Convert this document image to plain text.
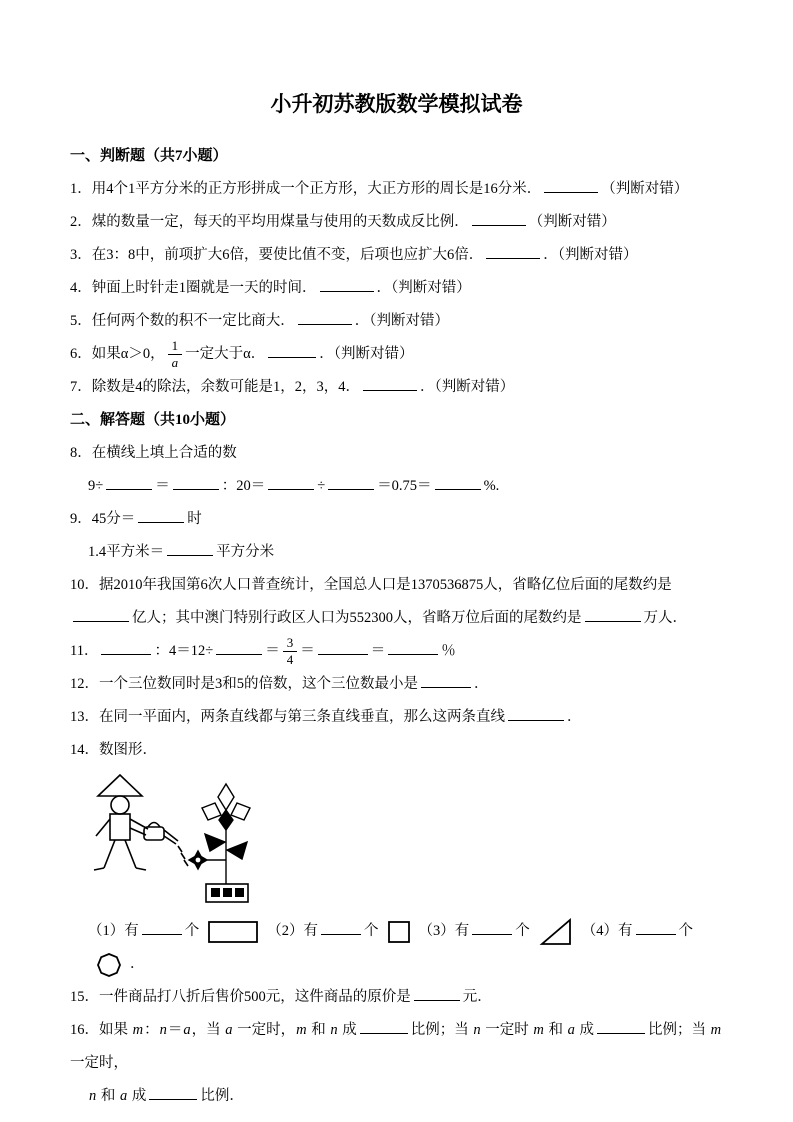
小升初苏教版数学模拟试卷
一、判断题（共7小题）
1．用4个1平方分米的正方形拼成一个正方形，大正方形的周长是16分米．	（判断对错）
2．煤的数量一定，每天的平均用煤量与使用的天数成反比例．	（判断对错）
3．在3：8中，前项扩大6倍，要使比值不变，后项也应扩大6倍．	．（判断对错）
4．钟面上时针走1圈就是一天的时间．	．（判断对错）
5．任何两个数的积不一定比商大．	．（判断对错）
6．如果α＞0， $\frac{1}{a}$ 一定大于α．	．（判断对错）
7．除数是4的除法，余数可能是1，2，3，4．	．（判断对错）
二、解答题（共10小题）
8．在横线上填上合适的数
9÷	＝	：20＝	÷	＝0.75＝	%.
9．45分＝	时
1.4平方米＝	平方分米
10．据2010年我国第6次人口普查统计，全国总人口是1370536875人，省略亿位后面的尾数约是
亿人；其中澳门特别行政区人口为552300人，省略万位后面的尾数约是	万人．
11．	：4＝12÷	＝ $\frac{3}{4}$ ＝	＝	％
12．一个三位数同时是3和5的倍数，这个三位数最小是	．
13．在同一平面内，两条直线都与第三条直线垂直，那么这两条直线	．
14．数图形．
（1）有	个	（2）有	个	（3）有	个	（4）有	个
．
15．一件商品打八折后售价500元，这件商品的原价是	元．
16．如果 m：n＝a，当 a 一定时，m 和 n 成	比例；当 n 一定时 m 和 a 成	比例；当 m 一定时，
n 和 a 成	比例．
